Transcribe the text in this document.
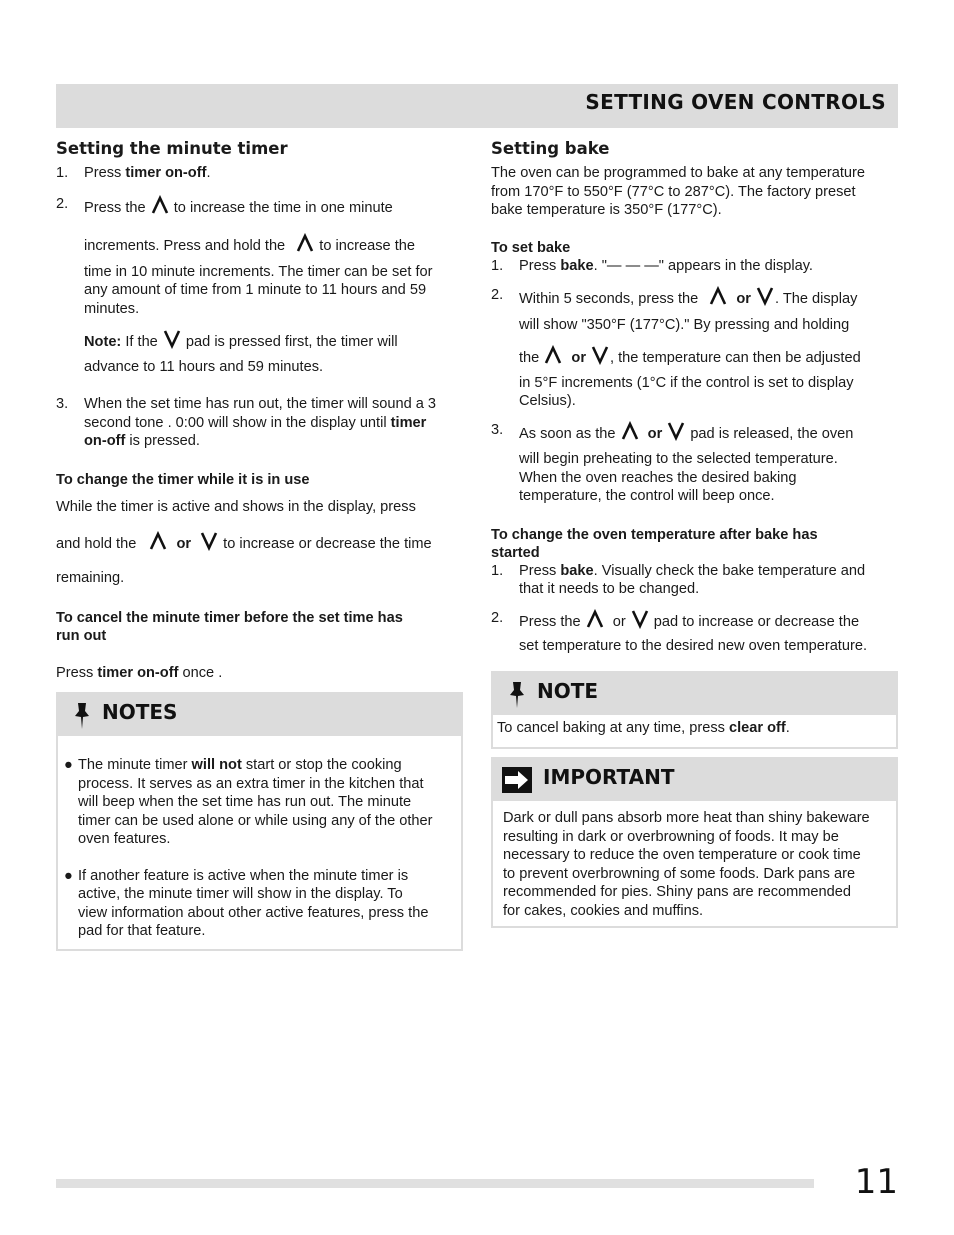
SETTING OVEN CONTROLS
Setting the minute timer
1. Press timer on-off.
2. Press the
to increase the time in one minute
increments. Press and hold the
to increase the
time in 10 minute increments. The timer can be set for
any amount of time from 1 minute to 11 hours and 59
minutes.
Note: If the
pad is pressed first, the timer will
advance to 11 hours and 59 minutes.
3. When the set time has run out, the timer will sound a 3
second tone . 0:00 will show in the display until timer
on-off is pressed.
To change the timer while it is in use

While the timer is active and shows in the display, press

and hold the
or
to increase or decrease the time

remaining.

To cancel the minute timer before the set time has
run out

Press timer on-off once .

NOTES
● The minute timer will not start or stop the cooking
process. It serves as an extra timer in the kitchen that
will beep when the set time has run out. The minute
timer can be used alone or while using any of the other
oven features.
● If another feature is active when the minute timer is
active, the minute timer will show in the display. To
view information about other active features, press the
pad for that feature.
Setting bake

The oven can be programmed to bake at any temperature
from 170°F to 550°F (77°C to 287°C). The factory preset
bake temperature is 350°F (177°C).

To set bake
1. Press bake. "— — —" appears in the display.
2. Within 5 seconds, press the
or . The display
will show "350°F (177°C)." By pressing and holding
the
or , the temperature can then be adjusted
in 5°F increments (1°C if the control is set to display
Celsius).
3. As soon as the
or
pad is released, the oven
will begin preheating to the selected temperature.
When the oven reaches the desired baking
temperature, the control will beep once.
To change the oven temperature after bake has
started
1. Press bake. Visually check the bake temperature and
that it needs to be changed.
2. Press the
or
pad to increase or decrease the
set temperature to the desired new oven temperature.
NOTE

To cancel baking at any time, press clear off.

IMPORTANT

Dark or dull pans absorb more heat than shiny bakeware
resulting in dark or overbrowning of foods. It may be
necessary to reduce the oven temperature or cook time
to prevent overbrowning of some foods. Dark pans are
recommended for pies. Shiny pans are recommended
for cakes, cookies and muffins.

11
